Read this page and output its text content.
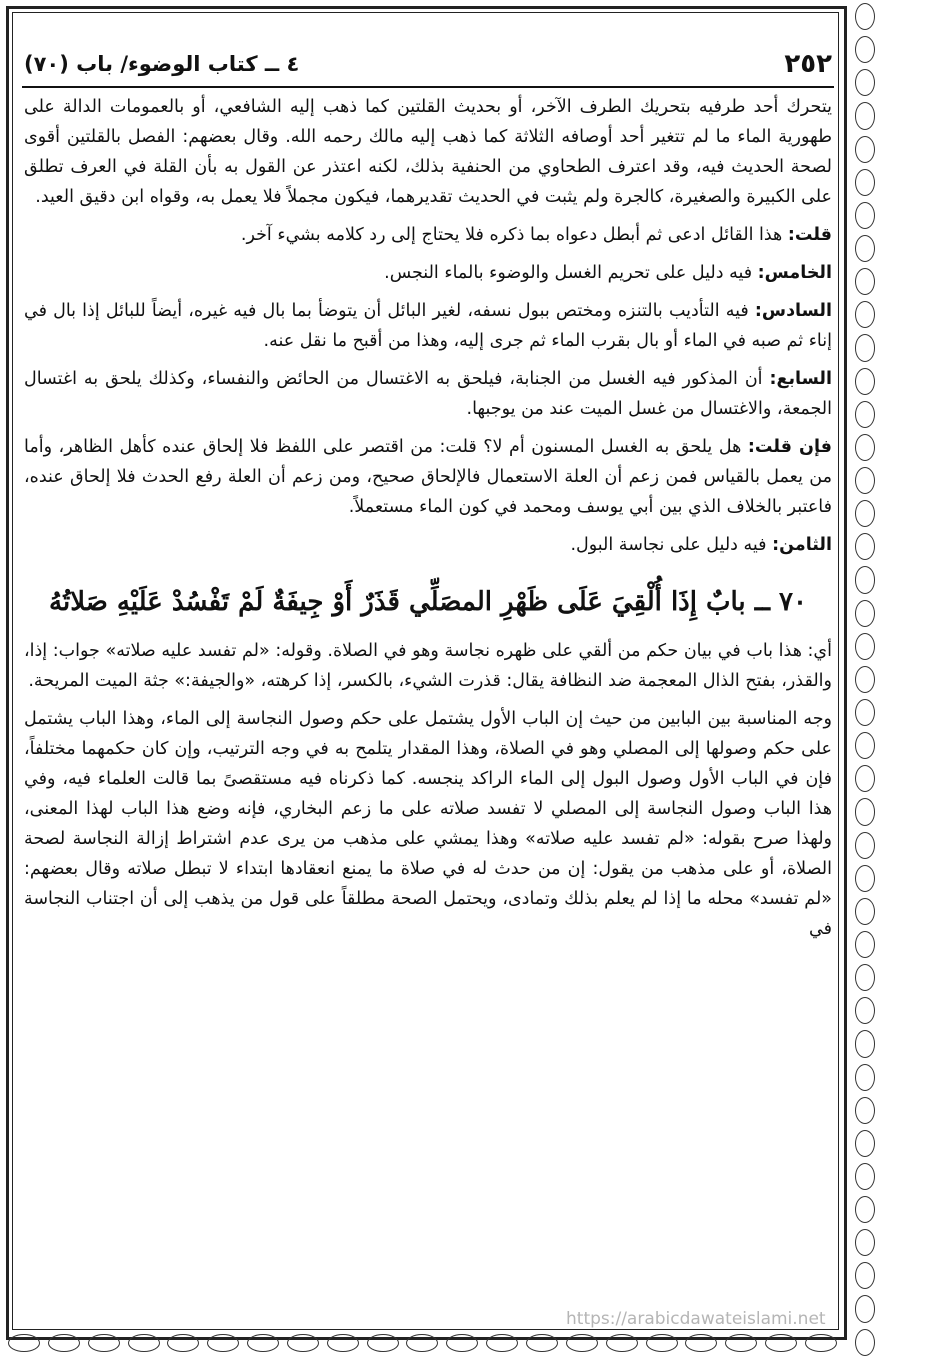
٢٥٢
٤ ــ كتاب الوضوء/ باب (٧٠)

يتحرك أحد طرفيه بتحريك الطرف الآخر، أو بحديث القلتين كما ذهب إليه الشافعي، أو بالعمومات الدالة على طهورية الماء ما لم تتغير أحد أوصافه الثلاثة كما ذهب إليه مالك رحمه الله. وقال بعضهم: الفصل بالقلتين أقوى لصحة الحديث فيه، وقد اعترف الطحاوي من الحنفية بذلك، لكنه اعتذر عن القول به بأن القلة في العرف تطلق على الكبيرة والصغيرة، كالجرة ولم يثبت في الحديث تقديرهما، فيكون مجملاً فلا يعمل به، وقواه ابن دقيق العيد.

قلت: هذا القائل ادعى ثم أبطل دعواه بما ذكره فلا يحتاج إلى رد كلامه بشيء آخر.

الخامس: فيه دليل على تحريم الغسل والوضوء بالماء النجس.

السادس: فيه التأديب بالتنزه ومختص ببول نسفه، لغير البائل أن يتوضأ بما بال فيه غيره، أيضاً للبائل إذا بال في إناء ثم صبه في الماء أو بال بقرب الماء ثم جرى إليه، وهذا من أقبح ما نقل عنه.

السابع: أن المذكور فيه الغسل من الجنابة، فيلحق به الاغتسال من الحائض والنفساء، وكذلك يلحق به اغتسال الجمعة، والاغتسال من غسل الميت عند من يوجبها.

فإن قلت: هل يلحق به الغسل المسنون أم لا؟ قلت: من اقتصر على اللفظ فلا إلحاق عنده كأهل الظاهر، وأما من يعمل بالقياس فمن زعم أن العلة الاستعمال فالإلحاق صحيح، ومن زعم أن العلة رفع الحدث فلا إلحاق عنده، فاعتبر بالخلاف الذي بين أبي يوسف ومحمد في كون الماء مستعملاً.

الثامن: فيه دليل على نجاسة البول.

٧٠ ــ بابٌ إِذَا أُلْقِيَ عَلَى ظَهْرِ المصَلِّي قَذَرٌ أَوْ جِيفَةٌ لَمْ تَفْسُدْ عَلَيْهِ صَلاتُهُ

أي: هذا باب في بيان حكم من ألقي على ظهره نجاسة وهو في الصلاة. وقوله: «لم تفسد عليه صلاته» جواب: إذا، والقذر، بفتح الذال المعجمة ضد النظافة يقال: قذرت الشيء، بالكسر، إذا كرهته، «والجيفة:» جثة الميت المريحة.

وجه المناسبة بين البابين من حيث إن الباب الأول يشتمل على حكم وصول النجاسة إلى الماء، وهذا الباب يشتمل على حكم وصولها إلى المصلي وهو في الصلاة، وهذا المقدار يتلمح به في وجه الترتيب، وإن كان حكمهما مختلفاً، فإن في الباب الأول وصول البول إلى الماء الراكد ينجسه. كما ذكرناه فيه مستقصىً بما قالت العلماء فيه، وفي هذا الباب وصول النجاسة إلى المصلي لا تفسد صلاته على ما زعم البخاري، فإنه وضع هذا الباب لهذا المعنى، ولهذا صرح بقوله: «لم تفسد عليه صلاته» وهذا يمشي على مذهب من يرى عدم اشتراط إزالة النجاسة لصحة الصلاة، أو على مذهب من يقول: إن من حدث له في صلاة ما يمنع انعقادها ابتداء لا تبطل صلاته وقال بعضهم: «لم تفسد» محله ما إذا لم يعلم بذلك وتمادى، ويحتمل الصحة مطلقاً على قول من يذهب إلى أن اجتناب النجاسة في

https://arabicdawateislami.net
